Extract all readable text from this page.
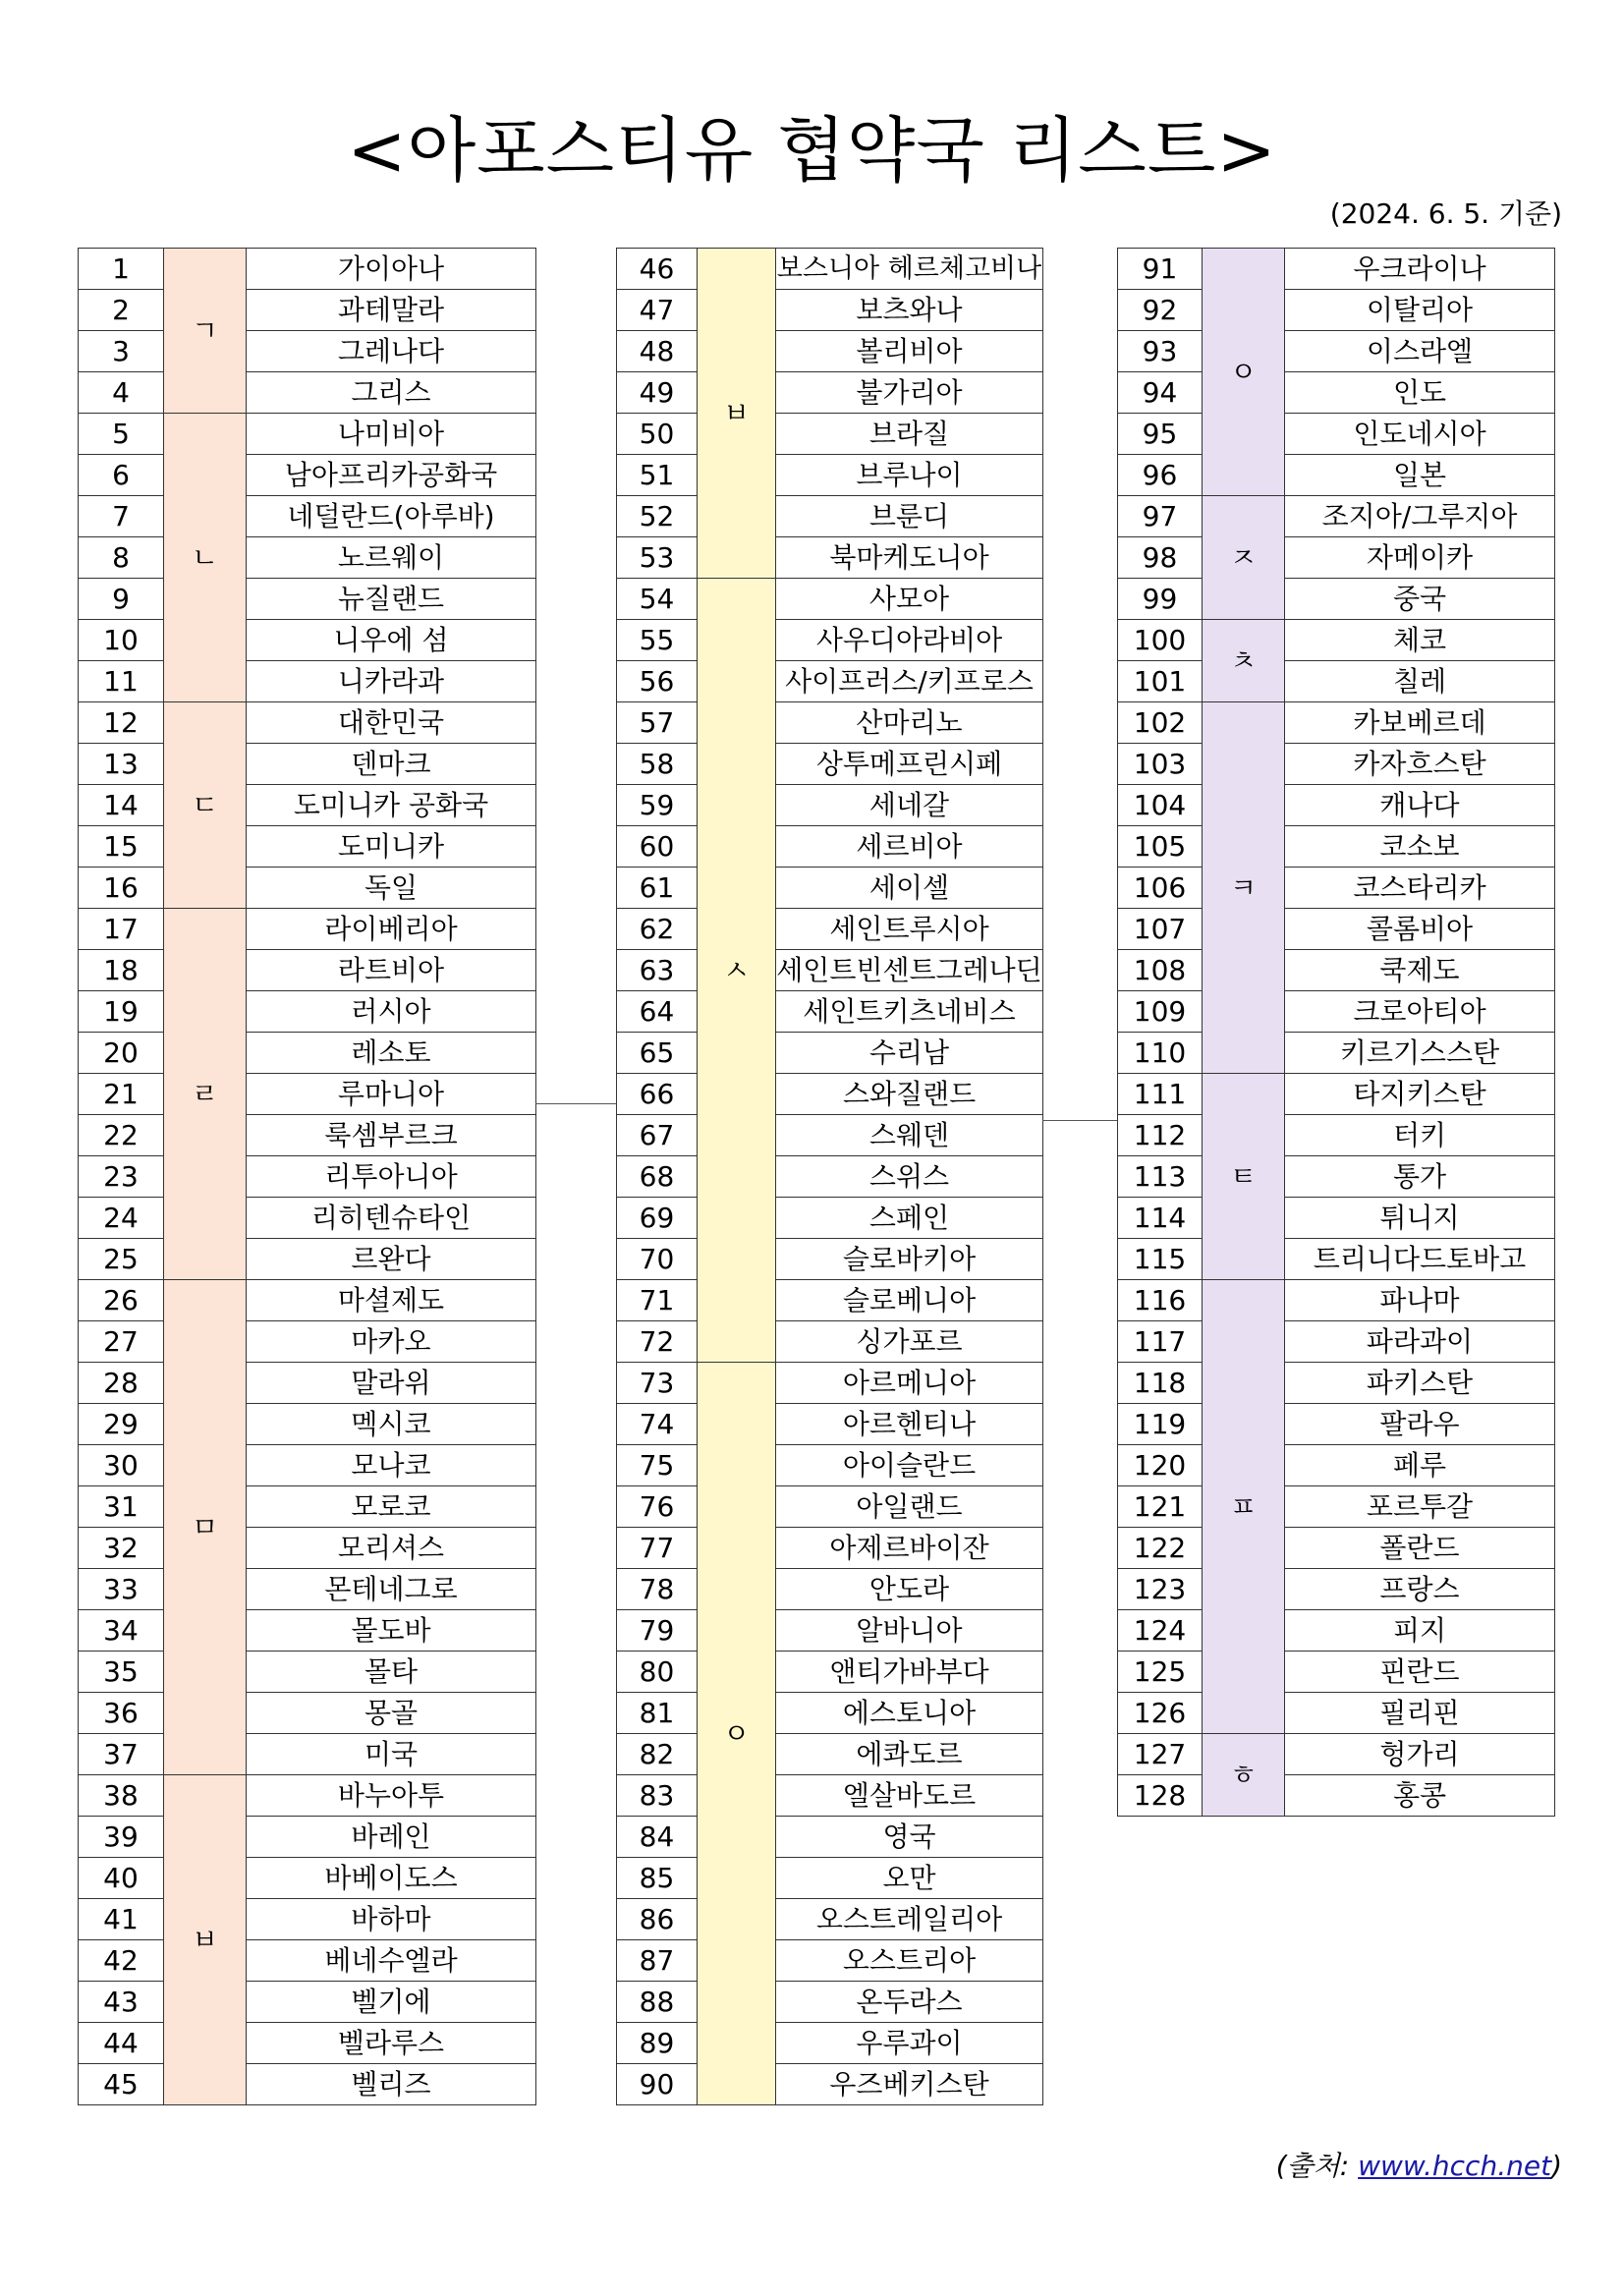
<아포스티유 협약국 리스트>
(2024. 6. 5. 기준)
1	ㄱ	가이아나
2		과테말라
3		그레나다
4		그리스
5	ㄴ	나미비아
6		남아프리카공화국
7		네덜란드(아루바)
8		노르웨이
9		뉴질랜드
10		니우에 섬
11		니카라과
12	ㄷ	대한민국
13		덴마크
14		도미니카 공화국
15		도미니카
16		독일
17	ㄹ	라이베리아
18		라트비아
19		러시아
20		레소토
21		루마니아
22		룩셈부르크
23		리투아니아
24		리히텐슈타인
25		르완다
26	ㅁ	마셜제도
27		마카오
28		말라위
29		멕시코
30		모나코
31		모로코
32		모리셔스
33		몬테네그로
34		몰도바
35		몰타
36		몽골
37		미국
38	ㅂ	바누아투
39		바레인
40		바베이도스
41		바하마
42		베네수엘라
43		벨기에
44		벨라루스
45		벨리즈
46	ㅂ	보스니아 헤르체고비나
47		보츠와나
48		볼리비아
49		불가리아
50		브라질
51		브루나이
52		브룬디
53		북마케도니아
54	ㅅ	사모아
55		사우디아라비아
56		사이프러스/키프로스
57		산마리노
58		상투메프린시페
59		세네갈
60		세르비아
61		세이셀
62		세인트루시아
63		세인트빈센트그레나딘
64		세인트키츠네비스
65		수리남
66		스와질랜드
67		스웨덴
68		스위스
69		스페인
70		슬로바키아
71		슬로베니아
72		싱가포르
73	ㅇ	아르메니아
74		아르헨티나
75		아이슬란드
76		아일랜드
77		아제르바이잔
78		안도라
79		알바니아
80		앤티가바부다
81		에스토니아
82		에콰도르
83		엘살바도르
84		영국
85		오만
86		오스트레일리아
87		오스트리아
88		온두라스
89		우루과이
90		우즈베키스탄
91	ㅇ	우크라이나
92		이탈리아
93		이스라엘
94		인도
95		인도네시아
96		일본
97	ㅈ	조지아/그루지아
98		자메이카
99		중국
100	ㅊ	체코
101		칠레
102	ㅋ	카보베르데
103		카자흐스탄
104		캐나다
105		코소보
106		코스타리카
107		콜롬비아
108		쿡제도
109		크로아티아
110		키르기스스탄
111	ㅌ	타지키스탄
112		터키
113		통가
114		튀니지
115		트리니다드토바고
116	ㅍ	파나마
117		파라과이
118		파키스탄
119		팔라우
120		페루
121		포르투갈
122		폴란드
123		프랑스
124		피지
125		핀란드
126		필리핀
127	ㅎ	헝가리
128		홍콩
(출처: www.hcch.net)
